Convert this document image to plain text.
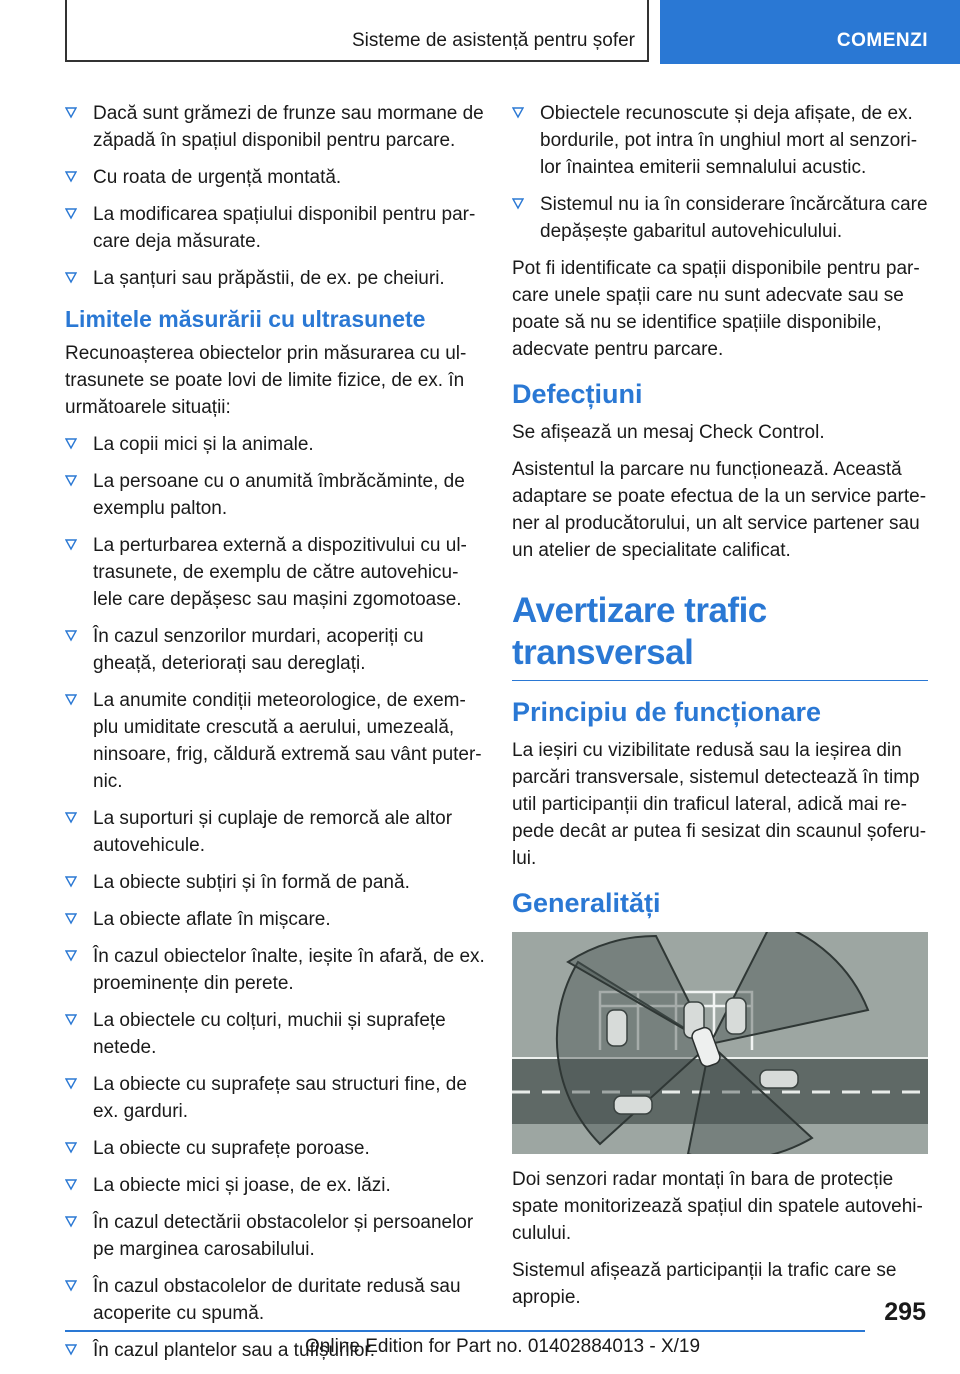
Sisteme de asistență pentru șofer	COMENZI
Dacă sunt grămezi de frunze sau mormane de zăpadă în spațiul disponibil pentru parcare.
Cu roata de urgență montată.
La modificarea spațiului disponibil pentru par‐care deja măsurate.
La șanțuri sau prăpăstii, de ex. pe cheiuri.
Limitele măsurării cu ultrasunete

Recunoașterea obiectelor prin măsurarea cu ul‐trasunete se poate lovi de limite fizice, de ex. în următoarele situații:

La copii mici și la animale.
La persoane cu o anumită îmbrăcăminte, de exemplu palton.
La perturbarea externă a dispozitivului cu ul‐trasunete, de exemplu de către autovehicu‐lele care depășesc sau mașini zgomotoase.
În cazul senzorilor murdari, acoperiți cu gheață, deteriorați sau dereglați.
La anumite condiții meteorologice, de exem‐plu umiditate crescută a aerului, umezeală, ninsoare, frig, căldură extremă sau vânt puter‐nic.
La suporturi și cuplaje de remorcă ale altor autovehicule.
La obiecte subțiri și în formă de pană.
La obiecte aflate în mișcare.
În cazul obiectelor înalte, ieșite în afară, de ex. proeminențe din perete.
La obiectele cu colțuri, muchii și suprafețe netede.
La obiecte cu suprafețe sau structuri fine, de ex. garduri.
La obiecte cu suprafețe poroase.
La obiecte mici și joase, de ex. lăzi.
În cazul detectării obstacolelor și persoanelor pe marginea carosabilului.
În cazul obstacolelor de duritate redusă sau acoperite cu spumă.
În cazul plantelor sau a tufișurilor.
Obiectele recunoscute și deja afișate, de ex. bordurile, pot intra în unghiul mort al senzori‐lor înaintea emiterii semnalului acustic.
Sistemul nu ia în considerare încărcătura care depășește gabaritul autovehiculului.

Pot fi identificate ca spații disponibile pentru par‐care unele spații care nu sunt adecvate sau se poate să nu se identifice spațiile disponibile, adecvate pentru parcare.

Defecțiuni

Se afișează un mesaj Check Control.

Asistentul la parcare nu funcționează. Această adaptare se poate efectua de la un service parte‐ner al producătorului, un alt service partener sau un atelier de specialitate calificat.

Avertizare trafic transversal
Principiu de funcționare

La ieșiri cu vizibilitate redusă sau la ieșirea din parcări transversale, sistemul detectează în timp util participanții din traficul lateral, adică mai re‐pede decât ar putea fi sesizat din scaunul șoferu‐lui.

Generalități

Doi senzori radar montați în bara de protecție spate monitorizează spațiul din spatele autovehi‐culului.

Sistemul afișează participanții la trafic care se apropie.

295
Online Edition for Part no. 01402884013 - X/19
